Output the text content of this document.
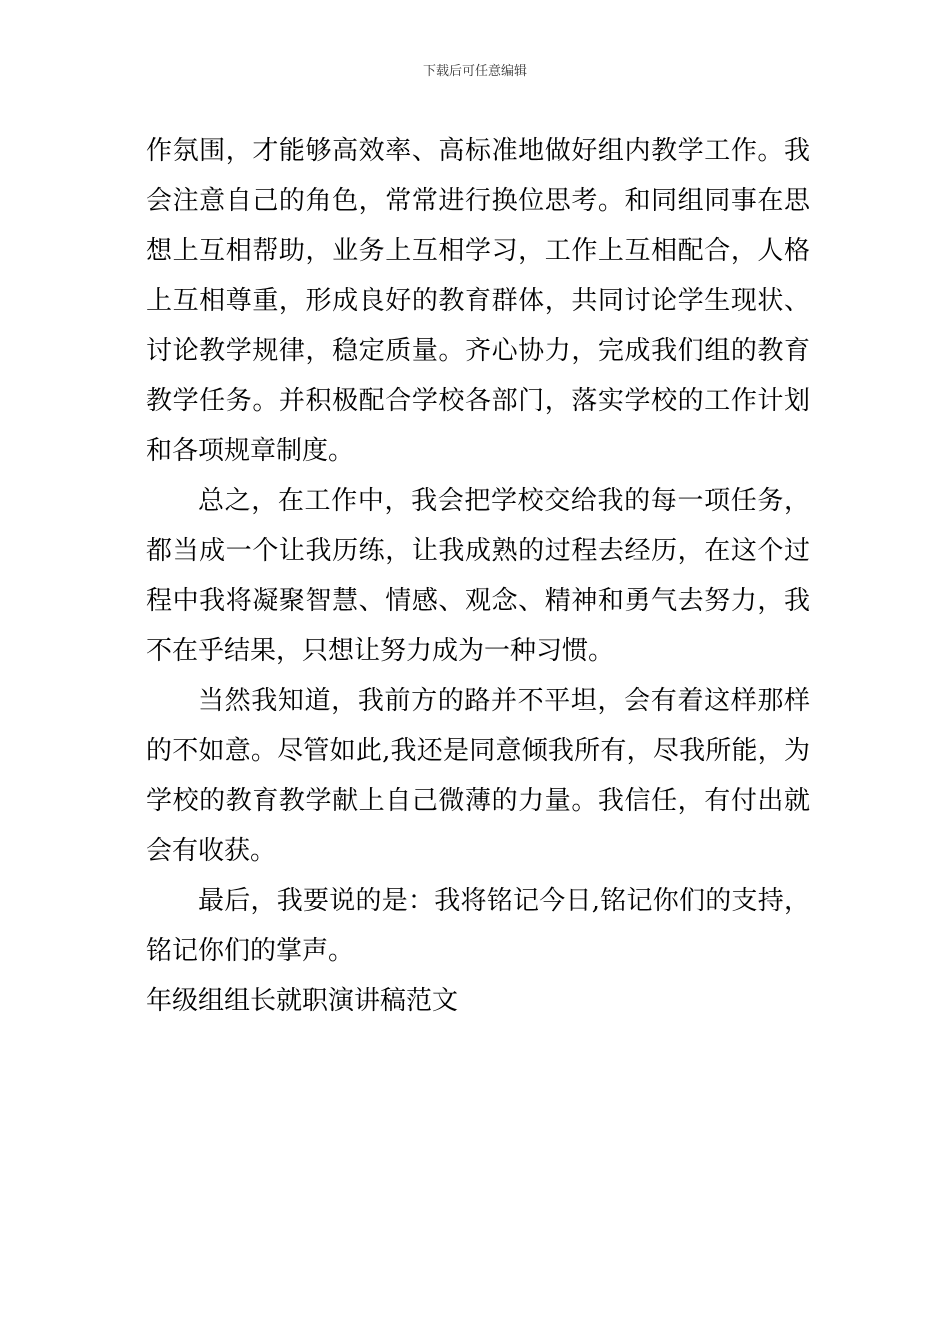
下载后可任意编辑

作氛围，才能够高效率、高标准地做好组内教学工作。我会注意自己的角色，常常进行换位思考。和同组同事在思想上互相帮助，业务上互相学习，工作上互相配合，人格上互相尊重，形成良好的教育群体，共同讨论学生现状、讨论教学规律，稳定质量。齐心协力，完成我们组的教育教学任务。并积极配合学校各部门，落实学校的工作计划和各项规章制度。

总之，在工作中，我会把学校交给我的每一项任务，都当成一个让我历练，让我成熟的过程去经历，在这个过程中我将凝聚智慧、情感、观念、精神和勇气去努力，我不在乎结果，只想让努力成为一种习惯。

当然我知道，我前方的路并不平坦，会有着这样那样的不如意。尽管如此,我还是同意倾我所有，尽我所能，为学校的教育教学献上自己微薄的力量。我信任，有付出就会有收获。

最后，我要说的是：我将铭记今日,铭记你们的支持，铭记你们的掌声。

年级组组长就职演讲稿范文
